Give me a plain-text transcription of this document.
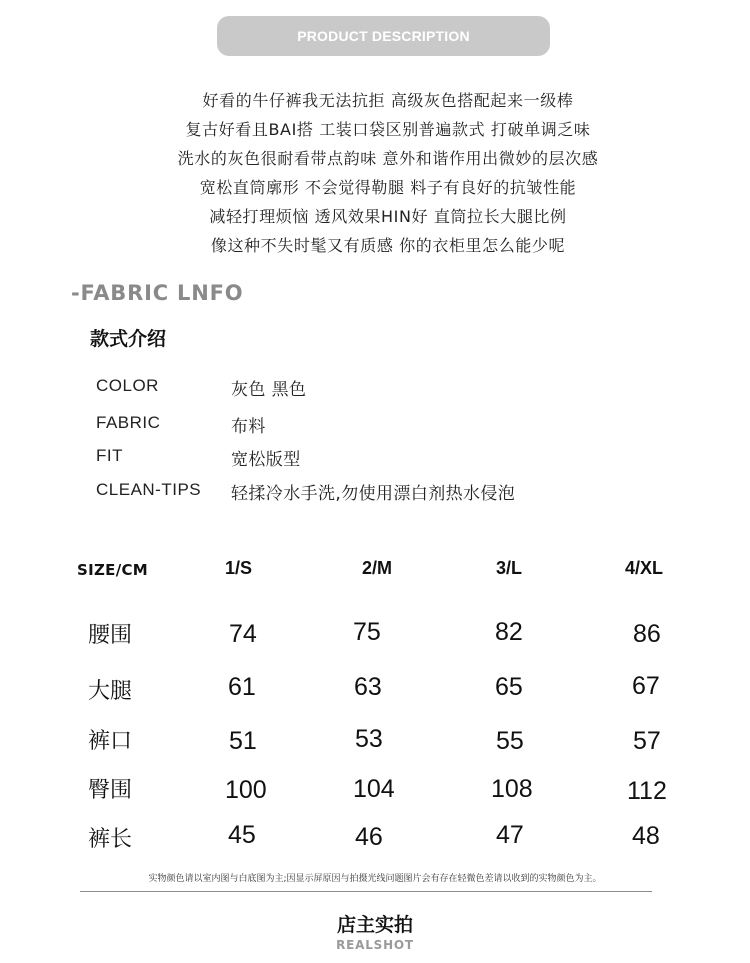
PRODUCT DESCRIPTION
好看的牛仔裤我无法抗拒 高级灰色搭配起来一级棒
复古好看且BAI搭 工装口袋区别普遍款式 打破单调乏味
洗水的灰色很耐看带点韵味 意外和谐作用出微妙的层次感
宽松直筒廓形 不会觉得勒腿 料子有良好的抗皱性能
减轻打理烦恼 透风效果HIN好 直筒拉长大腿比例
像这种不失时髦又有质感 你的衣柜里怎么能少呢
-FABRIC LNFO
款式介绍
COLOR	灰色 黑色
FABRIC	布料
FIT	宽松版型
CLEAN-TIPS 轻揉冷水手洗,勿使用漂白剂热水侵泡
SIZE/CM	1/S	2/M	3/L	4/XL
腰围	74	75	82	86
大腿	61	63	65	67
裤口	51	53	55	57
臀围	100	104	108	112
裤长	45	46	47	48
实物颜色请以室内图与白底图为主;因显示屏原因与拍摄光线问题图片会有存在轻微色差请以收到的实物颜色为主。
店主实拍
REALSHOT
